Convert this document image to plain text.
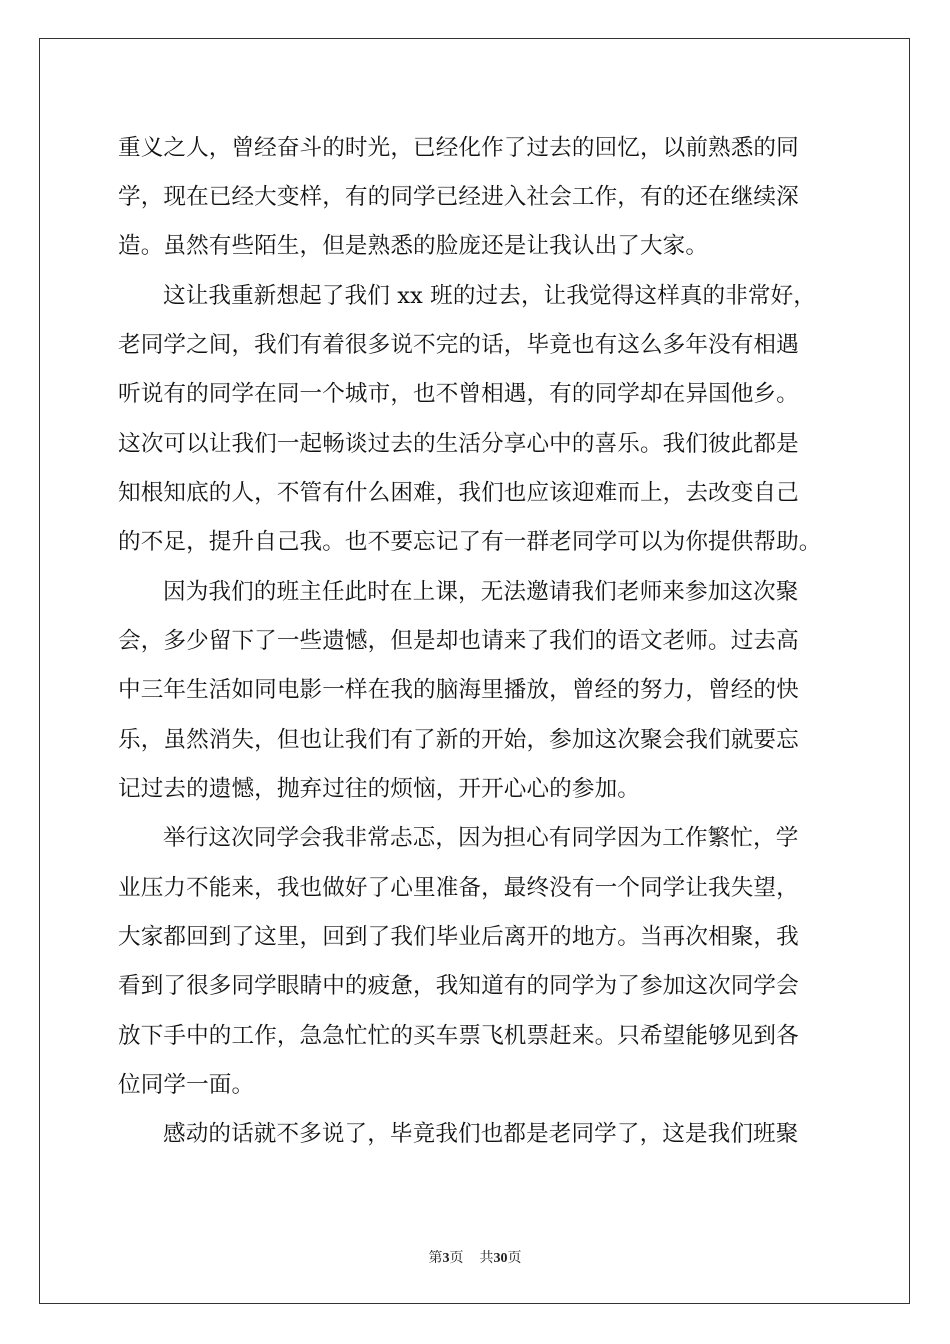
重义之人，曾经奋斗的时光，已经化作了过去的回忆，以前熟悉的同
学，现在已经大变样，有的同学已经进入社会工作，有的还在继续深
造。虽然有些陌生，但是熟悉的脸庞还是让我认出了大家。
这让我重新想起了我们 xx 班的过去，让我觉得这样真的非常好，
老同学之间，我们有着很多说不完的话，毕竟也有这么多年没有相遇
听说有的同学在同一个城市，也不曾相遇，有的同学却在异国他乡。
这次可以让我们一起畅谈过去的生活分享心中的喜乐。我们彼此都是
知根知底的人，不管有什么困难，我们也应该迎难而上，去改变自己
的不足，提升自己我。也不要忘记了有一群老同学可以为你提供帮助。
因为我们的班主任此时在上课，无法邀请我们老师来参加这次聚
会，多少留下了一些遗憾，但是却也请来了我们的语文老师。过去高
中三年生活如同电影一样在我的脑海里播放，曾经的努力，曾经的快
乐，虽然消失，但也让我们有了新的开始，参加这次聚会我们就要忘
记过去的遗憾，抛弃过往的烦恼，开开心心的参加。
举行这次同学会我非常忐忑，因为担心有同学因为工作繁忙，学
业压力不能来，我也做好了心里准备，最终没有一个同学让我失望，
大家都回到了这里，回到了我们毕业后离开的地方。当再次相聚，我
看到了很多同学眼睛中的疲惫，我知道有的同学为了参加这次同学会
放下手中的工作，急急忙忙的买车票飞机票赶来。只希望能够见到各
位同学一面。
感动的话就不多说了，毕竟我们也都是老同学了，这是我们班聚
第3页 共30页
